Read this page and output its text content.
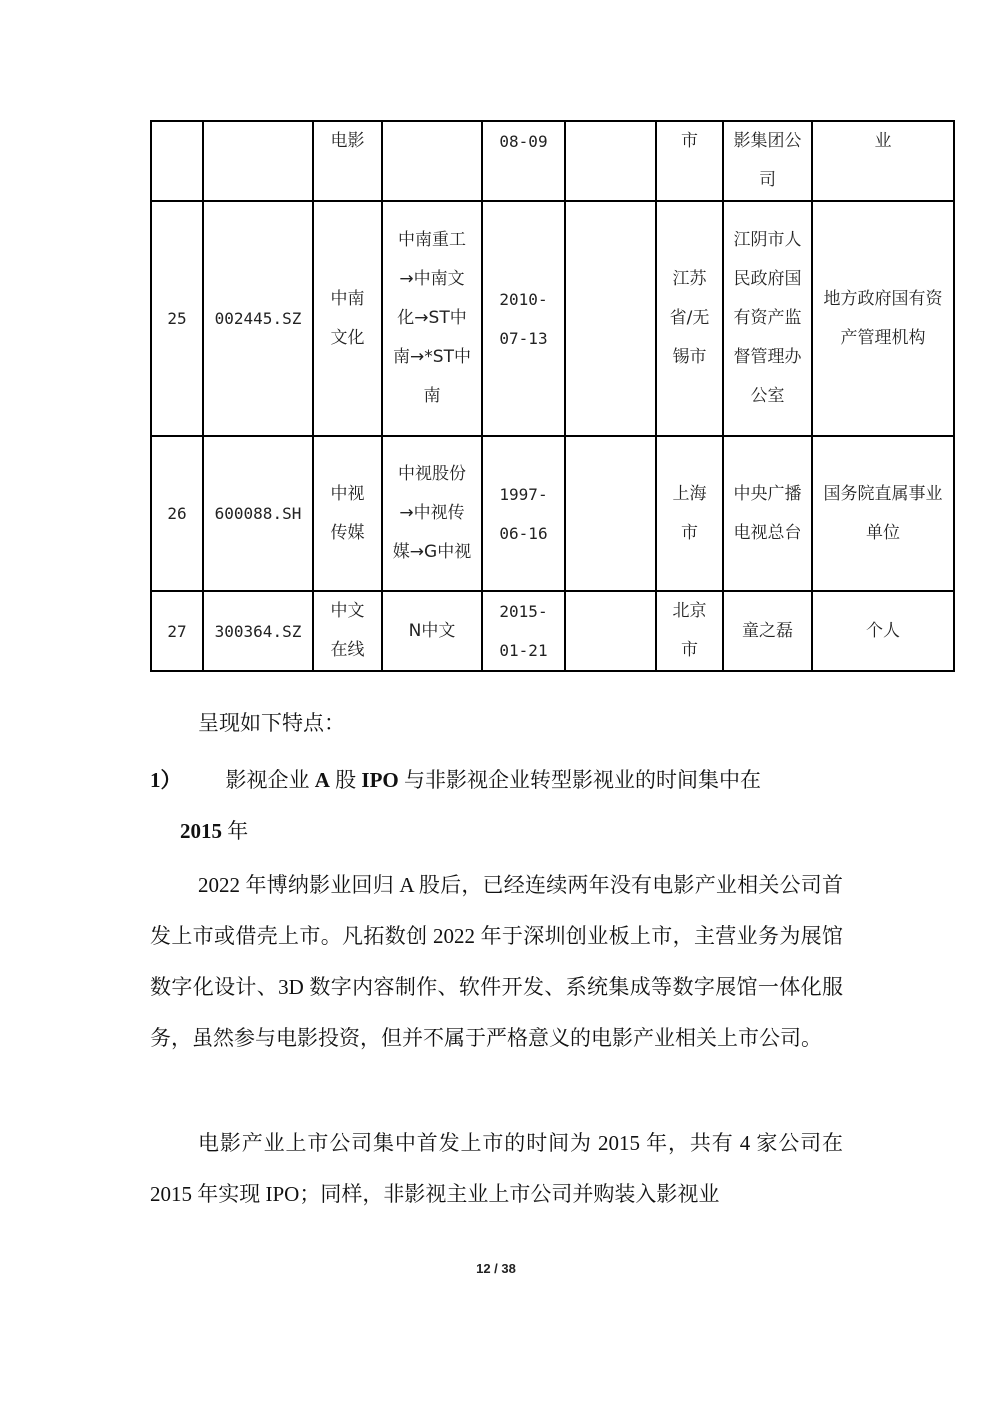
		电影		08-09		市	影集团公司	业

25	002445.SZ	中南文化	中南重工→中南文化→ST中南→*ST中南	2010-07-13		江苏省/无锡市	江阴市人民政府国有资产监督管理办公室	地方政府国有资产管理机构

26	600088.SH	中视传媒	中视股份→中视传媒→G中视	1997-06-16		上海市	中央广播电视总台	国务院直属事业单位

27	300364.SZ	中文在线	N中文	2015-01-21		北京市	童之磊	个人
呈现如下特点：
1） 影视企业 A 股 IPO 与非影视企业转型影视业的时间集中在
2015 年
2022 年博纳影业回归 A 股后，已经连续两年没有电影产业相关公司首发上市或借壳上市。凡拓数创 2022 年于深圳创业板上市，主营业务为展馆数字化设计、3D 数字内容制作、软件开发、系统集成等数字展馆一体化服务，虽然参与电影投资，但并不属于严格意义的电影产业相关上市公司。
电影产业上市公司集中首发上市的时间为 2015 年，共有 4 家公司在 2015 年实现 IPO；同样，非影视主业上市公司并购装入影视业
12 / 38
